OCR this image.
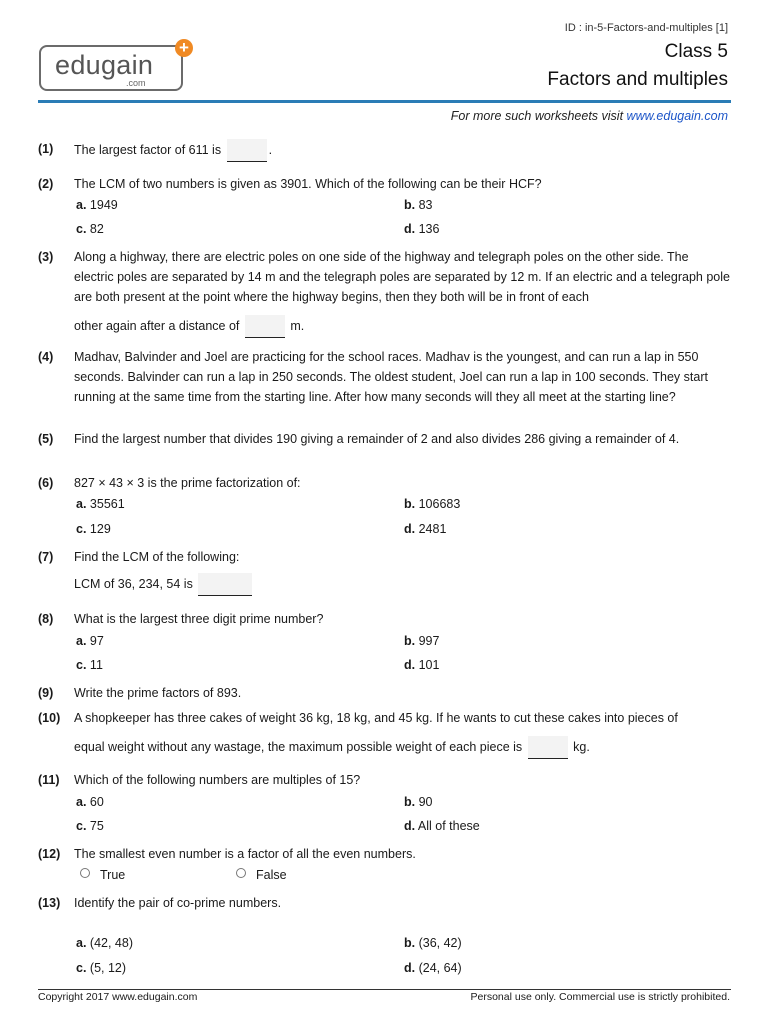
ID : in-5-Factors-and-multiples [1]
Class 5
Factors and multiples
edugain
.com
+
For more such worksheets visit www.edugain.com
(1) The largest factor of 611 is	.
(2) The LCM of two numbers is given as 3901. Which of the following can be their HCF?
a. 1949	b. 83
c. 82	d. 136
(3) Along a highway, there are electric poles on one side of the highway and telegraph poles on the other side. The electric poles are separated by 14 m and the telegraph poles are separated by 12 m. If an electric and a telegraph pole are both present at the point where the highway begins, then they both will be in front of each
other again after a distance of	m.
(4) Madhav, Balvinder and Joel are practicing for the school races. Madhav is the youngest, and can run a lap in 550 seconds. Balvinder can run a lap in 250 seconds. The oldest student, Joel can run a lap in 100 seconds. They start running at the same time from the starting line. After how many seconds will they all meet at the starting line?
(5) Find the largest number that divides 190 giving a remainder of 2 and also divides 286 giving a remainder of 4.
(6) 827 × 43 × 3 is the prime factorization of:
a. 35561	b. 106683
c. 129	d. 2481
(7) Find the LCM of the following:
LCM of 36, 234, 54 is
(8) What is the largest three digit prime number?
a. 97	b. 997
c. 11	d. 101
(9) Write the prime factors of 893.
(10) A shopkeeper has three cakes of weight 36 kg, 18 kg, and 45 kg. If he wants to cut these cakes into pieces of
equal weight without any wastage, the maximum possible weight of each piece is	kg.
(11) Which of the following numbers are multiples of 15?
a. 60	b. 90
c. 75	d. All of these
(12) The smallest even number is a factor of all the even numbers.
True	False
(13) Identify the pair of co-prime numbers.
a. (42, 48)	b. (36, 42)
c. (5, 12)	d. (24, 64)
Copyright 2017 www.edugain.com	Personal use only. Commercial use is strictly prohibited.
